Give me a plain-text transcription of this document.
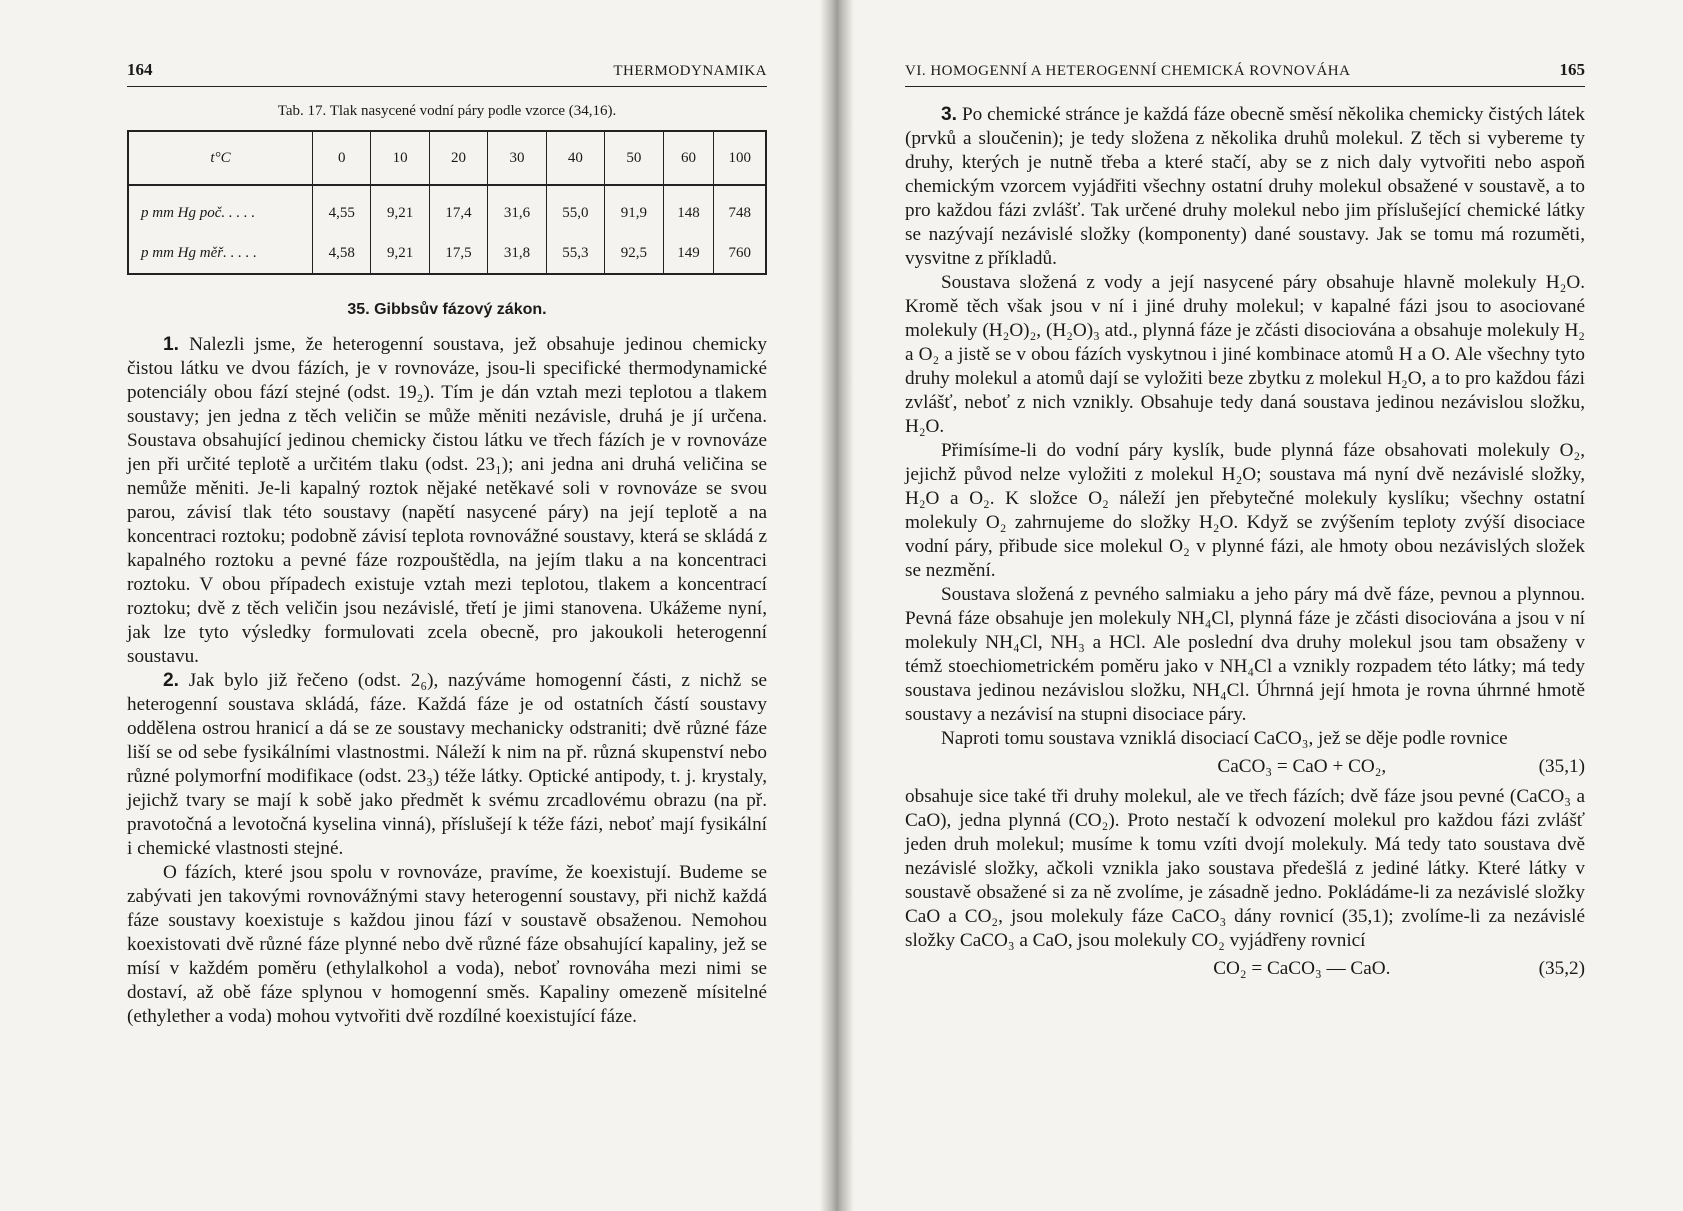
164	THERMODYNAMIKA
Tab. 17. Tlak nasycené vodní páry podle vzorce (34,16).
t°C	0	10	20	30	40	50	60	100
p mm Hg poč. . . . .	4,55	9,21	17,4	31,6	55,0	91,9	148	748
p mm Hg měř. . . . .	4,58	9,21	17,5	31,8	55,3	92,5	149	760
35. Gibbsův fázový zákon.

1. Nalezli jsme, že heterogenní soustava, jež obsahuje jedinou chemicky čistou látku ve dvou fázích, je v rovnováze, jsou-li specifické thermodynamické potenciály obou fází stejné (odst. 19₂). Tím je dán vztah mezi teplotou a tlakem soustavy; jen jedna z těch veličin se může měniti nezávisle, druhá je jí určena. Soustava obsahující jedinou chemicky čistou látku ve třech fázích je v rovnováze jen při určité teplotě a určitém tlaku (odst. 23₁); ani jedna ani druhá veličina se nemůže měniti. Je-li kapalný roztok nějaké netěkavé soli v rovnováze se svou parou, závisí tlak této soustavy (napětí nasycené páry) na její teplotě a na koncentraci roztoku; podobně závisí teplota rovnovážné soustavy, která se skládá z kapalného roztoku a pevné fáze rozpouštědla, na jejím tlaku a na koncentraci roztoku. V obou případech existuje vztah mezi teplotou, tlakem a koncentrací roztoku; dvě z těch veličin jsou nezávislé, třetí je jimi stanovena. Ukážeme nyní, jak lze tyto výsledky formulovati zcela obecně, pro jakoukoli heterogenní soustavu.

2. Jak bylo již řečeno (odst. 2₆), nazýváme homogenní části, z nichž se heterogenní soustava skládá, fáze. Každá fáze je od ostatních částí soustavy oddělena ostrou hranicí a dá se ze soustavy mechanicky odstraniti; dvě různé fáze liší se od sebe fysikálními vlastnostmi. Náleží k nim na př. různá skupenství nebo různé polymorfní modifikace (odst. 23₃) téže látky. Optické antipody, t. j. krystaly, jejichž tvary se mají k sobě jako předmět k svému zrcadlovému obrazu (na př. pravotočná a levotočná kyselina vinná), příslušejí k téže fázi, neboť mají fysikální i chemické vlastnosti stejné.

O fázích, které jsou spolu v rovnováze, pravíme, že koexistují. Budeme se zabývati jen takovými rovnovážnými stavy heterogenní soustavy, při nichž každá fáze soustavy koexistuje s každou jinou fází v soustavě obsaženou. Nemohou koexistovati dvě různé fáze plynné nebo dvě různé fáze obsahující kapaliny, jež se mísí v každém poměru (ethylalkohol a voda), neboť rovnováha mezi nimi se dostaví, až obě fáze splynou v homogenní směs. Kapaliny omezeně mísitelné (ethylether a voda) mohou vytvořiti dvě rozdílné koexistující fáze.

VI. HOMOGENNÍ A HETEROGENNÍ CHEMICKÁ ROVNOVÁHA	165

3. Po chemické stránce je každá fáze obecně směsí několika chemicky čistých látek (prvků a sloučenin); je tedy složena z několika druhů molekul. Z těch si vybereme ty druhy, kterých je nutně třeba a které stačí, aby se z nich daly vytvořiti nebo aspoň chemickým vzorcem vyjádřiti všechny ostatní druhy molekul obsažené v soustavě, a to pro každou fázi zvlášť. Tak určené druhy molekul nebo jim příslušející chemické látky se nazývají nezávislé složky (komponenty) dané soustavy. Jak se tomu má rozuměti, vysvitne z příkladů.

Soustava složená z vody a její nasycené páry obsahuje hlavně molekuly H₂O. Kromě těch však jsou v ní i jiné druhy molekul; v kapalné fázi jsou to asociované molekuly (H₂O)₂, (H₂O)₃ atd., plynná fáze je zčásti disociována a obsahuje molekuly H₂ a O₂ a jistě se v obou fázích vyskytnou i jiné kombinace atomů H a O. Ale všechny tyto druhy molekul a atomů dají se vyložiti beze zbytku z molekul H₂O, a to pro každou fázi zvlášť, neboť z nich vznikly. Obsahuje tedy daná soustava jedinou nezávislou složku, H₂O.

Přimísíme-li do vodní páry kyslík, bude plynná fáze obsahovati molekuly O₂, jejichž původ nelze vyložiti z molekul H₂O; soustava má nyní dvě nezávislé složky, H₂O a O₂. K složce O₂ náleží jen přebytečné molekuly kyslíku; všechny ostatní molekuly O₂ zahrnujeme do složky H₂O. Když se zvýšením teploty zvýší disociace vodní páry, přibude sice molekul O₂ v plynné fázi, ale hmoty obou nezávislých složek se nezmění.

Soustava složená z pevného salmiaku a jeho páry má dvě fáze, pevnou a plynnou. Pevná fáze obsahuje jen molekuly NH₄Cl, plynná fáze je zčásti disociována a jsou v ní molekuly NH₄Cl, NH₃ a HCl. Ale poslední dva druhy molekul jsou tam obsaženy v témž stoechiometrickém poměru jako v NH₄Cl a vznikly rozpadem této látky; má tedy soustava jedinou nezávislou složku, NH₄Cl. Úhrnná její hmota je rovna úhrnné hmotě soustavy a nezávisí na stupni disociace páry.

Naproti tomu soustava vzniklá disociací CaCO₃, jež se děje podle rovnice

CaCO₃ = CaO + CO₂,	(35,1)

obsahuje sice také tři druhy molekul, ale ve třech fázích; dvě fáze jsou pevné (CaCO₃ a CaO), jedna plynná (CO₂). Proto nestačí k odvození molekul pro každou fázi zvlášť jeden druh molekul; musíme k tomu vzíti dvojí molekuly. Má tedy tato soustava dvě nezávislé složky, ačkoli vznikla jako soustava předešlá z jediné látky. Které látky v soustavě obsažené si za ně zvolíme, je zásadně jedno. Pokládáme-li za nezávislé složky CaO a CO₂, jsou molekuly fáze CaCO₃ dány rovnicí (35,1); zvolíme-li za nezávislé složky CaCO₃ a CaO, jsou molekuly CO₂ vyjádřeny rovnicí

CO₂ = CaCO₃ — CaO.	(35,2)
